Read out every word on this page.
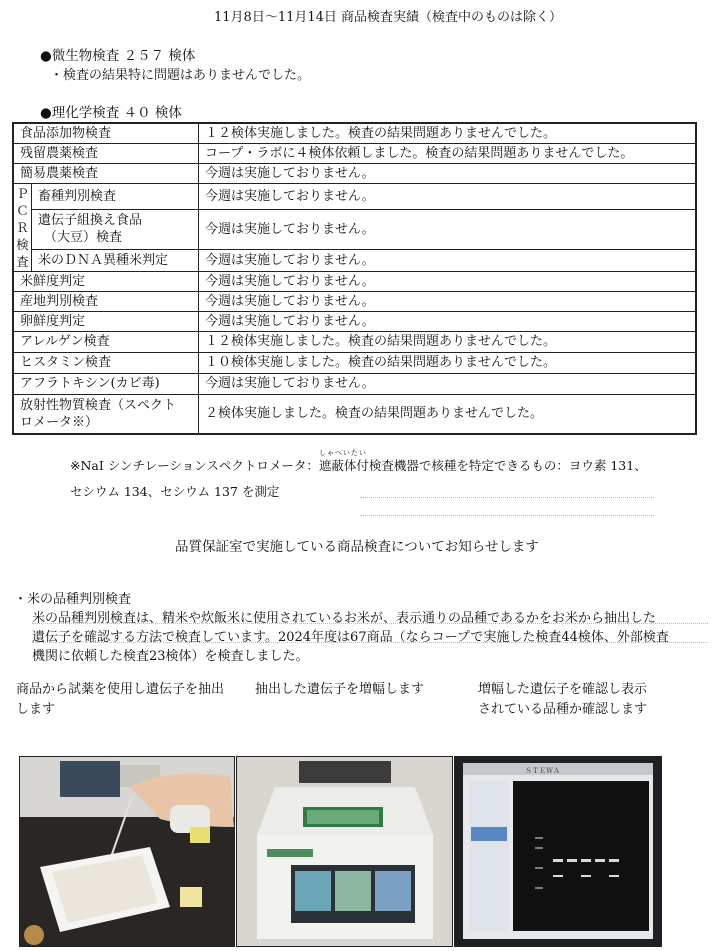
11月8日～11月14日 商品検査実績（検査中のものは除く）
●微生物検査 ２５７ 検体
・検査の結果特に問題はありませんでした。
●理化学検査 ４０ 検体
食品添加物検査		１２検体実施しました。検査の結果問題ありませんでした。
残留農薬検査		コープ・ラボに４検体依頼しました。検査の結果問題ありませんでした。
簡易農薬検査		今週は実施しておりません。

Ｐ
Ｃ
Ｒ
検
査	畜種判別検査	今週は実施しておりません。

	遺伝子組換え食品
（大豆）検査	今週は実施しておりません。
	米のＤＮＡ異種米判定	今週は実施しておりません。
米鮮度判定		今週は実施しておりません。
産地判別検査		今週は実施しておりません。
卵鮮度判定		今週は実施しておりません。
アレルゲン検査		１２検体実施しました。検査の結果問題ありませんでした。
ヒスタミン検査		１０検体実施しました。検査の結果問題ありませんでした。
アフラトキシン(カビ毒)		今週は実施しておりません。

放射性物質検査（スペクト
ロメータ※）		２検体実施しました。検査の結果問題ありませんでした。
※NaI シンチレーションスペクトロメータ：
しゃへいたい
遮蔽体付検査機器で核種を特定できるもの：ヨウ素 131、
セシウム 134、セシウム 137 を測定
品質保証室で実施している商品検査についてお知らせします
・米の品種判別検査
米の品種判別検査は、精米や炊飯米に使用されているお米が、表示通りの品種であるかをお米から抽出した
遺伝子を確認する方法で検査しています。2024年度は67商品（ならコープで実施した検査44検体、外部検査
機関に依頼した検査23検体）を検査しました。
商品から試薬を使用し遺伝子を抽出します
抽出した遺伝子を増幅します	増幅した遺伝子を確認し表示されている品種か確認します
ＳＴＥＷＡ
